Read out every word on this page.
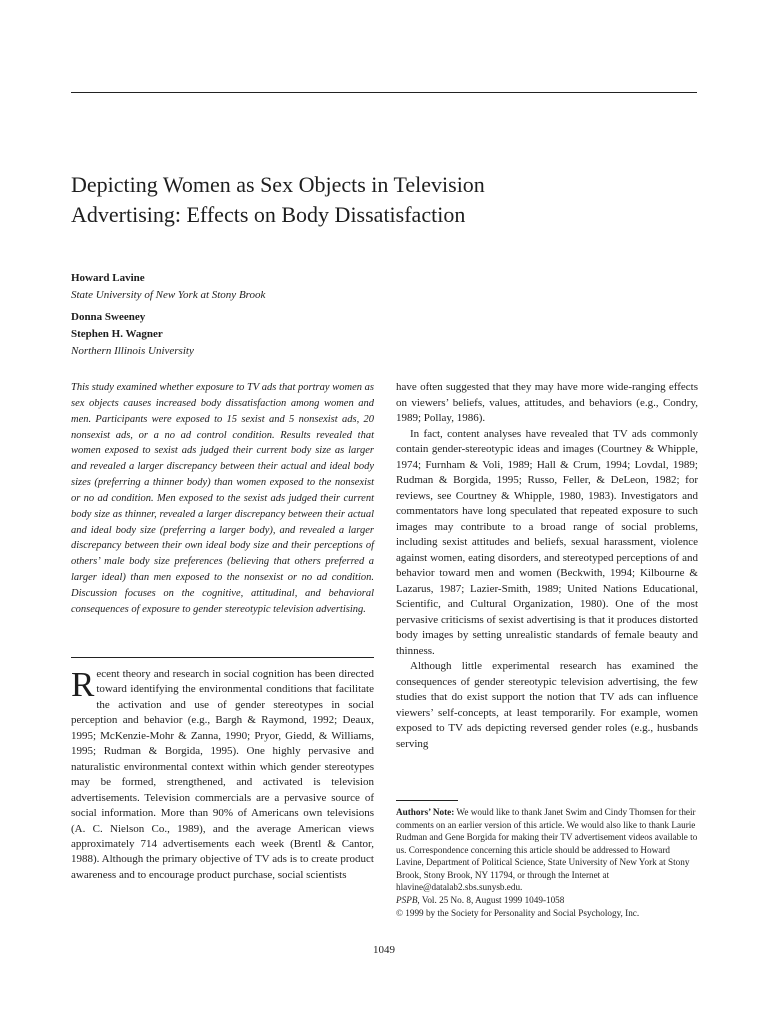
Depicting Women as Sex Objects in Television
Advertising: Effects on Body Dissatisfaction
Howard Lavine
State University of New York at Stony Brook
Donna Sweeney
Stephen H. Wagner
Northern Illinois University

This study examined whether exposure to TV ads that portray women as sex objects causes increased body dissatisfaction among women and men. Participants were exposed to 15 sexist and 5 nonsexist ads, 20 nonsexist ads, or a no ad control condition. Results revealed that women exposed to sexist ads judged their current body size as larger and revealed a larger discrepancy between their actual and ideal body sizes (preferring a thinner body) than women exposed to the nonsexist or no ad condition. Men exposed to the sexist ads judged their current body size as thinner, revealed a larger discrepancy between their actual and ideal body size (preferring a larger body), and revealed a larger discrepancy between their own ideal body size and their perceptions of others’ male body size preferences (believing that others preferred a larger ideal) than men exposed to the nonsexist or no ad condition. Discussion focuses on the cognitive, attitudinal, and behavioral consequences of exposure to gender stereotypic television advertising.

Recent theory and research in social cognition has been directed toward identifying the environmental conditions that facilitate the activation and use of gender stereotypes in social perception and behavior (e.g., Bargh & Raymond, 1992; Deaux, 1995; McKenzie-Mohr & Zanna, 1990; Pryor, Giedd, & Williams, 1995; Rudman & Borgida, 1995). One highly pervasive and naturalistic environmental context within which gender stereotypes may be formed, strengthened, and activated is television advertisements. Television commercials are a pervasive source of social information. More than 90% of Americans own televisions (A. C. Nielson Co., 1989), and the average American views approximately 714 advertisements each week (Brentl & Cantor, 1988). Although the primary objective of TV ads is to create product awareness and to encourage product purchase, social scientists

have often suggested that they may have more wide-ranging effects on viewers’ beliefs, values, attitudes, and behaviors (e.g., Condry, 1989; Pollay, 1986).

In fact, content analyses have revealed that TV ads commonly contain gender-stereotypic ideas and images (Courtney & Whipple, 1974; Furnham & Voli, 1989; Hall & Crum, 1994; Lovdal, 1989; Rudman & Borgida, 1995; Russo, Feller, & DeLeon, 1982; for reviews, see Courtney & Whipple, 1980, 1983). Investigators and commentators have long speculated that repeated exposure to such images may contribute to a broad range of social problems, including sexist attitudes and beliefs, sexual harassment, violence against women, eating disorders, and stereotyped perceptions of and behavior toward men and women (Beckwith, 1994; Kilbourne & Lazarus, 1987; Lazier-Smith, 1989; United Nations Educational, Scientific, and Cultural Organization, 1980). One of the most pervasive criticisms of sexist advertising is that it produces distorted body images by setting unrealistic standards of female beauty and thinness.

Although little experimental research has examined the consequences of gender stereotypic television advertising, the few studies that do exist support the notion that TV ads can influence viewers’ self-concepts, at least temporarily. For example, women exposed to TV ads depicting reversed gender roles (e.g., husbands serving

Authors’ Note: We would like to thank Janet Swim and Cindy Thomsen for their comments on an earlier version of this article. We would also like to thank Laurie Rudman and Gene Borgida for making their TV advertisement videos available to us. Correspondence concerning this article should be addressed to Howard Lavine, Department of Political Science, State University of New York at Stony Brook, Stony Brook, NY 11794, or through the Internet at hlavine@datalab2.sbs.sunysb.edu.

PSPB, Vol. 25 No. 8, August 1999 1049-1058
© 1999 by the Society for Personality and Social Psychology, Inc.
1049
